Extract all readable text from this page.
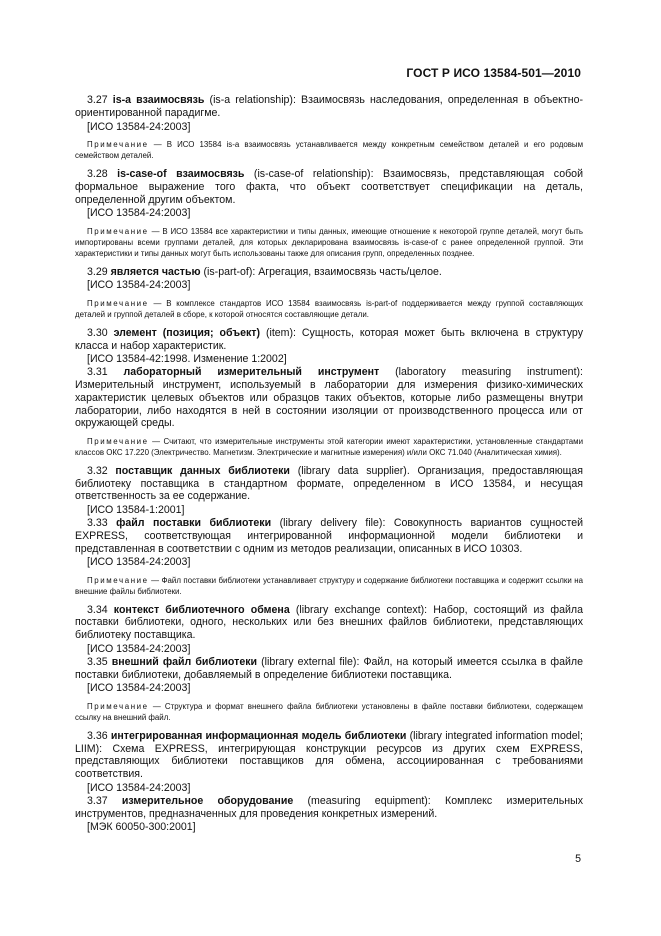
ГОСТ Р ИСО 13584-501—2010

3.27 is-a взаимосвязь (is-a relationship): Взаимосвязь наследования, определенная в объектно-ориентированной парадигме.

[ИСО 13584-24:2003]

Примечание — В ИСО 13584 is-a взаимосвязь устанавливается между конкретным семейством деталей и его родовым семейством деталей.

3.28 is-case-of взаимосвязь (is-case-of relationship): Взаимосвязь, представляющая собой формальное выражение того факта, что объект соответствует спецификации на деталь, определенной другим объектом.

[ИСО 13584-24:2003]

Примечание — В ИСО 13584 все характеристики и типы данных, имеющие отношение к некоторой группе деталей, могут быть импортированы всеми группами деталей, для которых декларирована взаимосвязь is-case-of с ранее определенной группой. Эти характеристики и типы данных могут быть использованы также для описания групп, определенных позднее.

3.29 является частью (is-part-of): Агрегация, взаимосвязь часть/целое.

[ИСО 13584-24:2003]

Примечание — В комплексе стандартов ИСО 13584 взаимосвязь is-part-of поддерживается между группой составляющих деталей и группой деталей в сборе, к которой относятся составляющие детали.

3.30 элемент (позиция; объект) (item): Сущность, которая может быть включена в структуру класса и набор характеристик.

[ИСО 13584-42:1998. Изменение 1:2002]

3.31 лабораторный измерительный инструмент (laboratory measuring instrument): Измерительный инструмент, используемый в лаборатории для измерения физико-химических характеристик целевых объектов или образцов таких объектов, которые либо размещены внутри лаборатории, либо находятся в ней в состоянии изоляции от производственного процесса или от окружающей среды.

Примечание — Считают, что измерительные инструменты этой категории имеют характеристики, установленные стандартами классов ОКС 17.220 (Электричество. Магнетизм. Электрические и магнитные измерения) и/или ОКС 71.040 (Аналитическая химия).

3.32 поставщик данных библиотеки (library data supplier). Организация, предоставляющая библиотеку поставщика в стандартном формате, определенном в ИСО 13584, и несущая ответственность за ее содержание.

[ИСО 13584-1:2001]

3.33 файл поставки библиотеки (library delivery file): Совокупность вариантов сущностей EXPRESS, соответствующая интегрированной информационной модели библиотеки и представленная в соответствии с одним из методов реализации, описанных в ИСО 10303.

[ИСО 13584-24:2003]

Примечание — Файл поставки библиотеки устанавливает структуру и содержание библиотеки поставщика и содержит ссылки на внешние файлы библиотеки.

3.34 контекст библиотечного обмена (library exchange context): Набор, состоящий из файла поставки библиотеки, одного, нескольких или без внешних файлов библиотеки, представляющих библиотеку поставщика.

[ИСО 13584-24:2003]

3.35 внешний файл библиотеки (library external file): Файл, на который имеется ссылка в файле поставки библиотеки, добавляемый в определение библиотеки поставщика.

[ИСО 13584-24:2003]

Примечание — Структура и формат внешнего файла библиотеки установлены в файле поставки библиотеки, содержащем ссылку на внешний файл.

3.36 интегрированная информационная модель библиотеки (library integrated information model; LIIM): Схема EXPRESS, интегрирующая конструкции ресурсов из других схем EXPRESS, представляющих библиотеки поставщиков для обмена, ассоциированная с требованиями соответствия.

[ИСО 13584-24:2003]

3.37 измерительное оборудование (measuring equipment): Комплекс измерительных инструментов, предназначенных для проведения конкретных измерений.

[МЭК 60050-300:2001]
5
